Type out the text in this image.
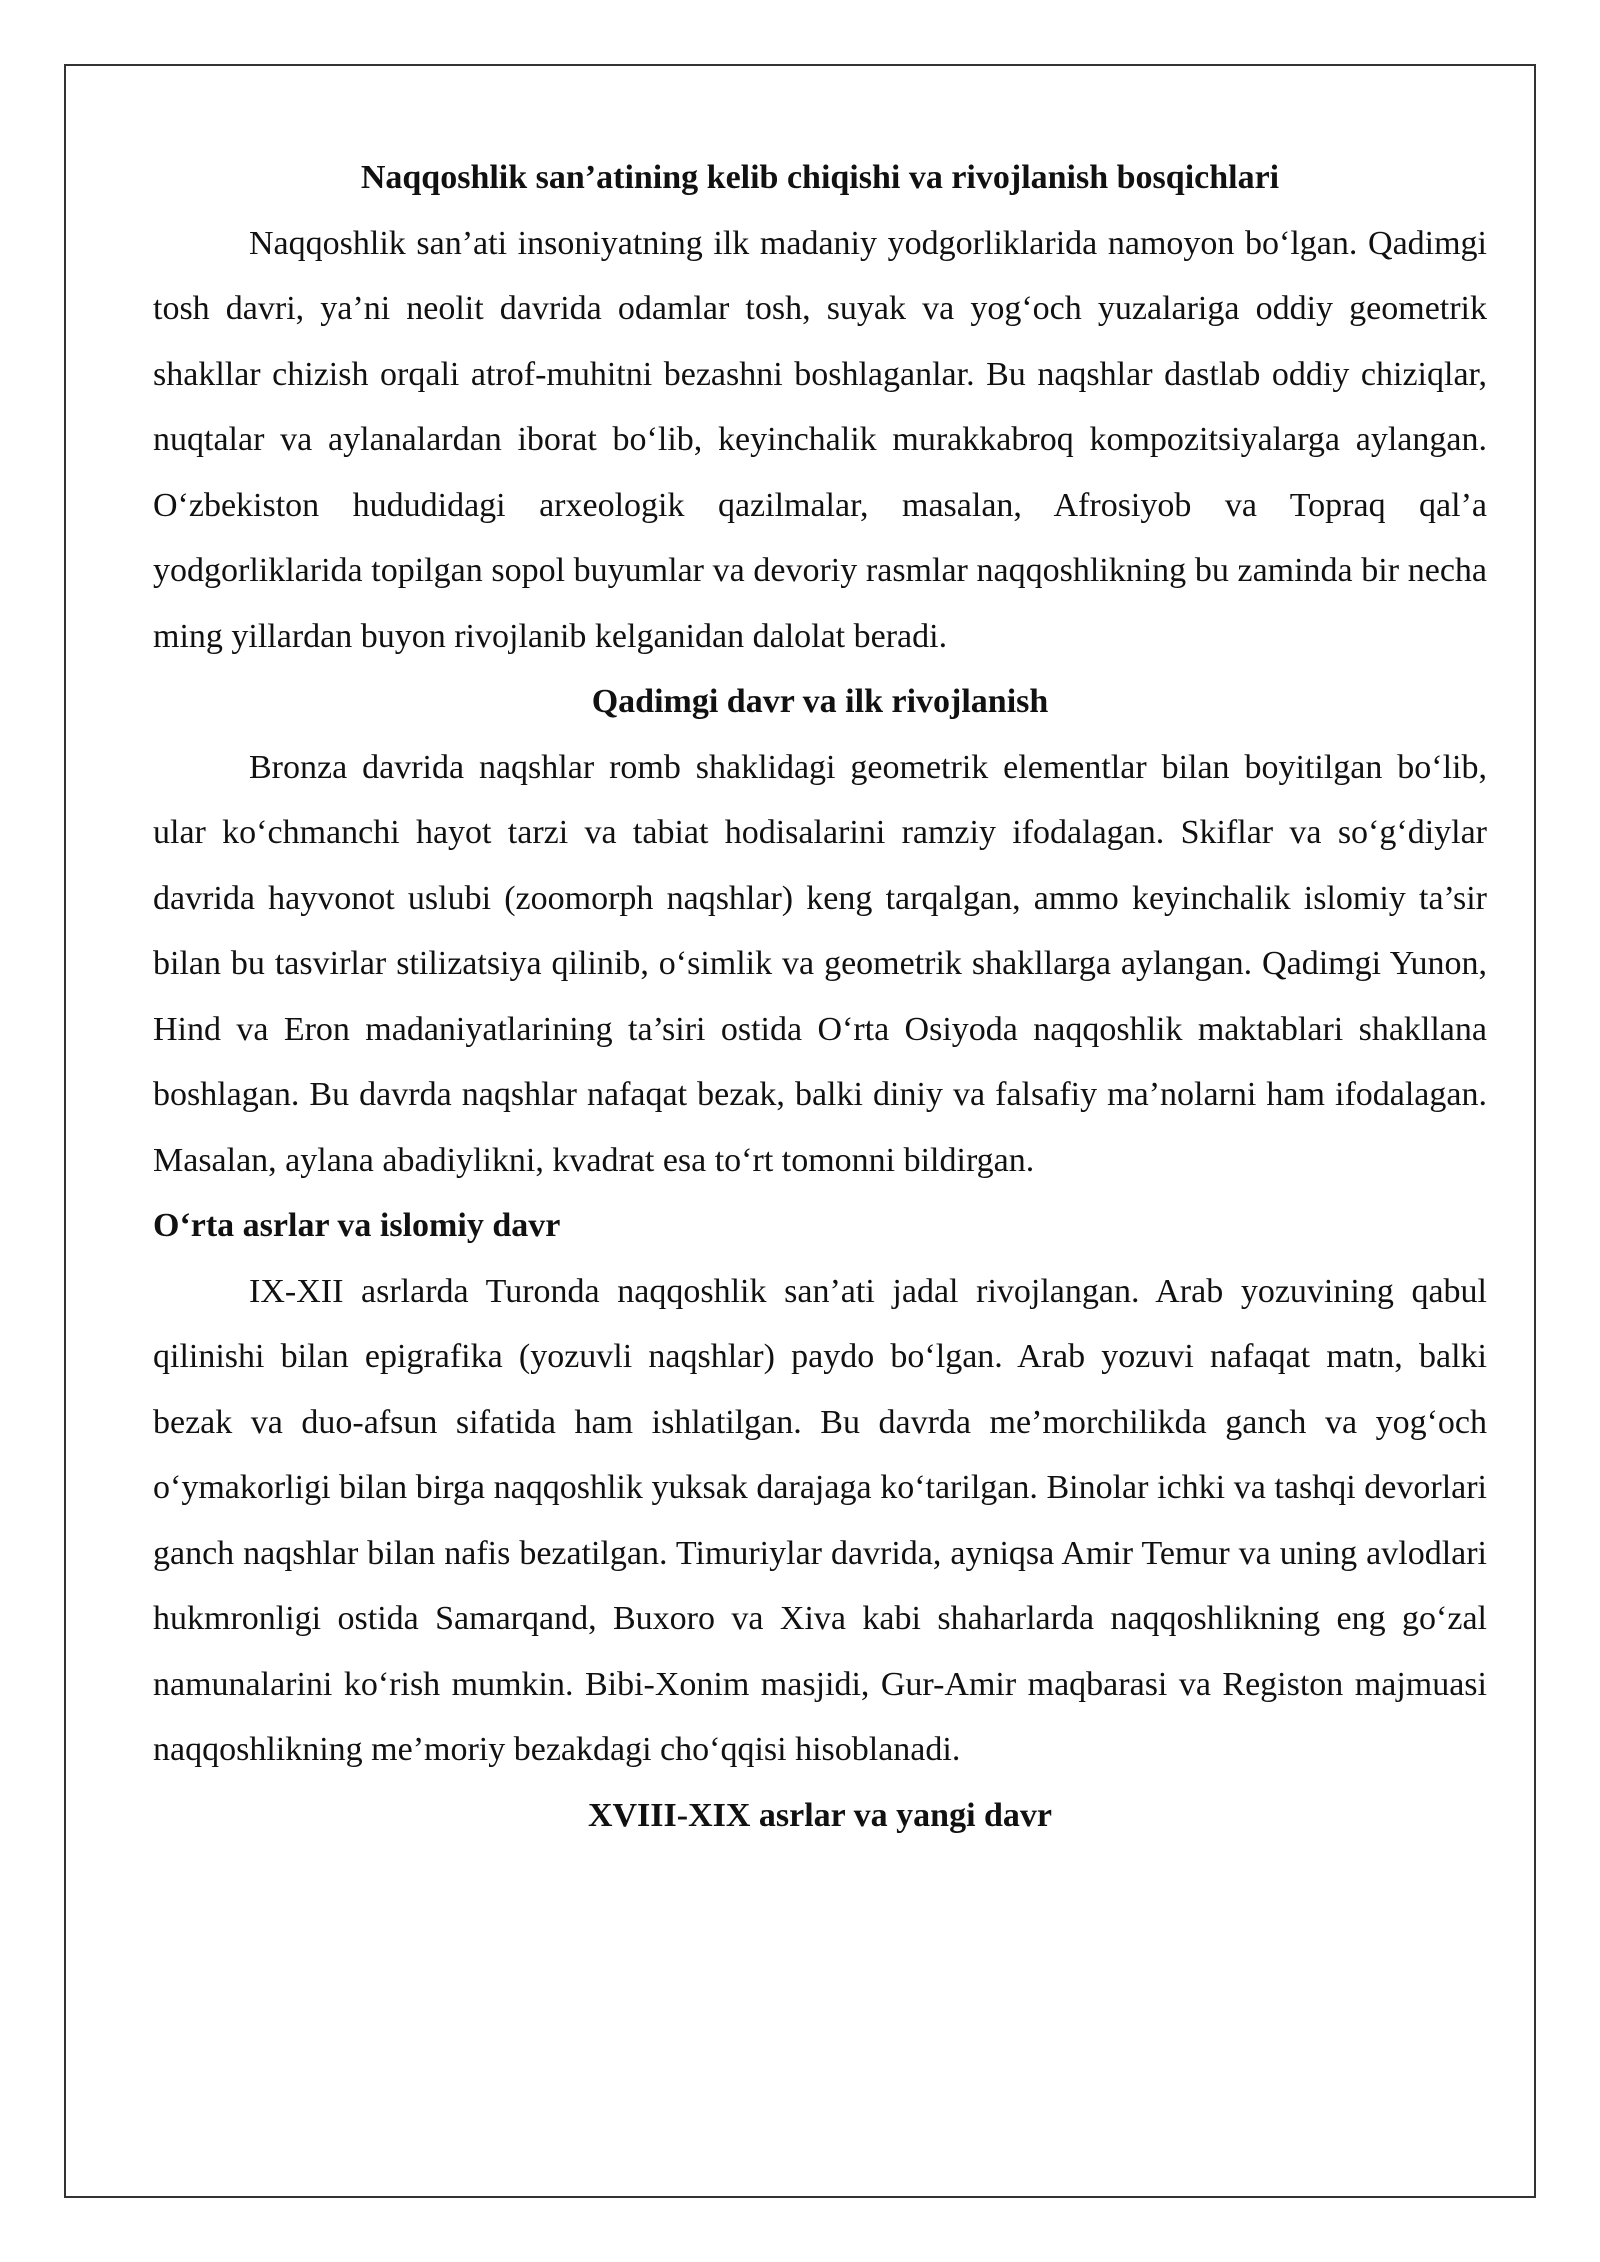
Naqqoshlik san’atining kelib chiqishi va rivojlanish bosqichlari

Naqqoshlik san’ati insoniyatning ilk madaniy yodgorliklarida namoyon bo‘lgan. Qadimgi tosh davri, ya’ni neolit davrida odamlar tosh, suyak va yog‘och yuzalariga oddiy geometrik shakllar chizish orqali atrof-muhitni bezashni boshlaganlar. Bu naqshlar dastlab oddiy chiziqlar, nuqtalar va aylanalardan iborat bo‘lib, keyinchalik murakkabroq kompozitsiyalarga aylangan. O‘zbekiston hududidagi arxeologik qazilmalar, masalan, Afrosiyob va Topraq qal’a yodgorliklarida topilgan sopol buyumlar va devoriy rasmlar naqqoshlikning bu zaminda bir necha ming yillardan buyon rivojlanib kelganidan dalolat beradi.

Qadimgi davr va ilk rivojlanish

Bronza davrida naqshlar romb shaklidagi geometrik elementlar bilan boyitilgan bo‘lib, ular ko‘chmanchi hayot tarzi va tabiat hodisalarini ramziy ifodalagan. Skiflar va so‘g‘diylar davrida hayvonot uslubi (zoomorph naqshlar) keng tarqalgan, ammo keyinchalik islomiy ta’sir bilan bu tasvirlar stilizatsiya qilinib, o‘simlik va geometrik shakllarga aylangan. Qadimgi Yunon, Hind va Eron madaniyatlarining ta’siri ostida O‘rta Osiyoda naqqoshlik maktablari shakllana boshlagan. Bu davrda naqshlar nafaqat bezak, balki diniy va falsafiy ma’nolarni ham ifodalagan. Masalan, aylana abadiylikni, kvadrat esa to‘rt tomonni bildirgan.

O‘rta asrlar va islomiy davr

IX-XII asrlarda Turonda naqqoshlik san’ati jadal rivojlangan. Arab yozuvining qabul qilinishi bilan epigrafika (yozuvli naqshlar) paydo bo‘lgan. Arab yozuvi nafaqat matn, balki bezak va duo-afsun sifatida ham ishlatilgan. Bu davrda me’morchilikda ganch va yog‘och o‘ymakorligi bilan birga naqqoshlik yuksak darajaga ko‘tarilgan. Binolar ichki va tashqi devorlari ganch naqshlar bilan nafis bezatilgan. Timuriylar davrida, ayniqsa Amir Temur va uning avlodlari hukmronligi ostida Samarqand, Buxoro va Xiva kabi shaharlarda naqqoshlikning eng go‘zal namunalarini ko‘rish mumkin. Bibi-Xonim masjidi, Gur-Amir maqbarasi va Registon majmuasi naqqoshlikning me’moriy bezakdagi cho‘qqisi hisoblanadi.

XVIII-XIX asrlar va yangi davr
